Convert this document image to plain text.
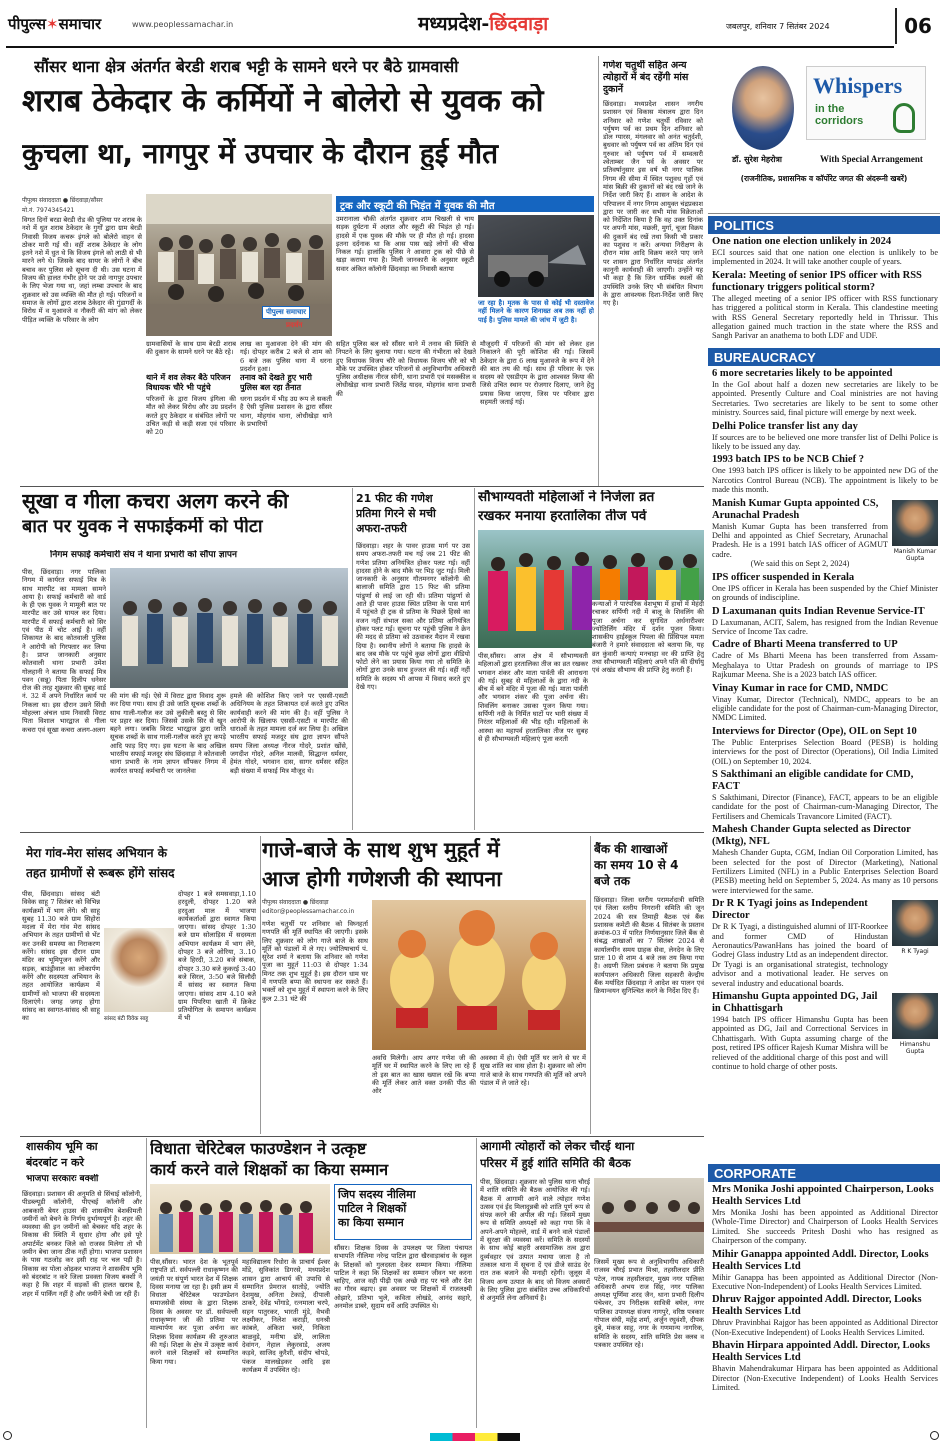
पीपुल्स✶समाचार	www.peoplessamachar.in	मध्यप्रदेश-छिंदवाड़ा	जबलपुर, शनिवार 7 सितंबर 2024	06
सौंसर थाना क्षेत्र अंतर्गत बेरडी शराब भट्टी के सामने धरने पर बैठे ग्रामवासी
शराब ठेकेदार के कर्मियों ने बोलेरो से युवक को
कुचला था, नागपुर में उपचार के दौरान हुई मौत
पीपुल्स संवाददाता ● छिंदवाड़ा/सौंसर
मो.नं. 7974345421
विगत दिनों बरडा बेरडी रोड की पुलिया पर शराब के नशे में धुत शराब ठेकेदार के गुर्गों द्वारा ग्राम बेरडी निवासी विजय कचरू इंगले को बोलेरो वाहन से ठोकर मारी गई थी। वहीं शराब ठेकेदार के लोग इतने नशे में धुत थे कि विजय इंगले को लाठी से भी मारने लगे थे। जिसके बाद सायर के लोगों ने बीच बचाव कर पुलिस को सूचना दी थी। उस घटना में विजय की हालत गंभीर होने पर उसे नागपुर उपचार के लिए भेजा गया था, जहां लम्बा उपचार के बाद शुक्रवार को उस व्यक्ति की मौत हो गई। परिजनों व समाज के लोगों द्वारा शराब ठेकेदार की गुंडागर्दी के विरोध में व मुआवजे व नौकरी की मांग को लेकर पीड़ित व्यक्ति के परिवार के लोग
पीपुल्स समाचार
प्रदर्शन
ग्रामवासियों के साथ ग्राम बेरडी शराब की दुकान के सामने धरने पर बैठे रहे।
थाने में शव लेकर बैठे परिजन विधायक चौरे भी पहुंचे
परिजनों के द्वारा विजय इंगिला की मौत को लेकर विरोध और उग्र प्रदर्शन करते हुए ठेकेदार व संबंधित लोगों पर उचित कड़ी से कड़ी सजा एवं परिवार को 20
लाख का मुआवजा देने की मांग की गई। दोपहर करीब 2 बजे से शाम को 6 बजे तक पुलिस थाना में धरना प्रदर्शन हुआ।
तनाव को देखते हुए भारी पुलिस बल रहा तैनात
धरना प्रदर्शन में भीड़ उग्र रूप ले सकती है ऐसी पुलिस प्रशासन के द्वारा सौंसर थाना, मोहगांव थाना, लोधीखेड़ा थाने के प्रभारियों
सहित पुलिस बल को सौंसर थाने में तनाव की स्थिति से निपटने के लिए बुलाया गया। घटना की गंभीरता को देखते हुए विधायक विजय चौरे को विधायक विजय चौरे को भी मौके पर उपस्थित होकर परिजनों से अनुविभागीय अधिकारी पुलिस अधीक्षक नीरज सोनी, थाना प्रभारी एवं मसक्कील व लोधीखेड़ा थाना प्रभारी जितेंद्र यादव, मोहगांव थाना प्रभारी की
ट्रक और स्कूटी की भिड़ंत में युवक की मौत
उमरानाला चौकी अंतर्गत शुक्रवार शाम चिखली से चाय सड़क दुर्घटना में अज्ञात और स्कूटी की भिड़ंत हो गई। हादसे में एक युवक की मौके पर ही मौत हो गई। हादसा इतना दर्दनाक था कि आस पास खड़े लोगों की चीख निकल गई। हालांकि पुलिस ने आवारा ट्रक को पीछे से खड़ा कराया गया है। मिली जानकारी के अनुसार स्कूटी सवार अंकित कॉलोनी छिंदवाड़ा का निवासी बताया
जा रहा है। मृतक के पास से कोई भी दस्तावेज नहीं मिलने के कारण शिनाख्त अब तक नहीं हो पाई है। पुलिस मामले की जांच में जुटी है।
मौजूदगी में परिजनों की मांग को लेकर हल निकालने की पूरी कोशिश की गई। जिसमें ठेकेदार के द्वारा 6 लाख मुआवजे के रूप में देने की बात तय की गई। साथ ही परिवार के एक सदस्य को एसडीएम के द्वारा आश्वस्त किया की जिसे उचित स्थान पर रोजगार दिलाए, जाने हेतु प्रयास किया जाएगा, जिस पर परिवार द्वारा सहमती जताई गई।
गणेश चतुर्थी सहित अन्य त्योहारों में बंद रहेंगी मांस दुकानें
छिंदवाड़ा। मध्यप्रदेश शासन नगरीय प्रशासन एवं विकास मंत्रालय द्वारा दिन शनिवार को गणेश चतुर्थी रविवार को पर्युषण पर्व का प्रथम दिन शनिवार को डोल ग्यारस, मंगलवार को अनंत चतुर्दशी, बुधवार को पर्युषण पर्व का अंतिम दिन एवं गुरुवार को पर्युषण पर्व में सम्वत्सरी श्वेताम्बर जैन पर्व के अवसर पर प्रतिवर्षानुसार इस वर्ष भी नगर पालिक निगम की सीमा में स्थित पशुवध गृहों एवं मांस बिक्री की दुकानों को बंद रखे जाने के निर्देश जारी किए हैं। शासन के आदेश के परिपालन में नगर निगम आयुक्त चंद्रप्रकाश द्वारा पर जारी कर सभी मांस विक्रेताओं को निर्देशित किया है कि वह उक्त दिनांक पर अपनी मांस, मछली, मुर्गा, चूजा विक्रय की दुकानें बंद रखें तथा किसी भी प्रकार का पशुवध न करें। अन्यथा निरीक्षण के दौरान मांस आदि विक्रय करते पाए जाने पर शासन द्वारा निर्धारित मापदंड अंतर्गत कानूनी कार्यवाही की जाएगी। उन्होंने यह भी कहा है कि जिन धार्मिक स्थलों की उपस्थिति उनके लिए भी संबंधित विभाग के द्वारा आवश्यक दिशा-निर्देश जारी किए गए है।
Whispers
in the corridors
डॉ. सुरेश मेहरोत्रा	With Special Arrangement
(राजनीतिक, प्रशासनिक व कॉर्पोरेट जगत की अंदरूनी खबरें)
POLITICS
One nation one election unlikely in 2024
ECI sources said that one nation one election is unlikely to be implemented in 2024. It will take another couple of years.
Kerala: Meeting of senior IPS officer with RSS functionary triggers political storm?
The alleged meeting of a senior IPS officer with RSS functionary has triggered a political storm in Kerala. This clandestine meeting with RSS General Secretary reportedly held in Thrissur. This allegation gained much traction in the state where the RSS and Sangh Parivar an anathema to both LDF and UDF.
BUREAUCRACY
6 more secretaries likely to be appointed
In the GoI about half a dozen new secretaries are likely to be appointed. Presently Culture and Coal ministries are not having Secretaries. Two secretaries are likely to be sent to some other ministry. Sources said, final picture will emerge by next week.
Delhi Police transfer list any day
If sources are to be believed one more transfer list of Delhi Police is likely to be issued any day.
1993 batch IPS to be NCB Chief ?
One 1993 batch IPS officer is likely to be appointed new DG of the Narcotics Control Bureau (NCB). The appointment is likely to be made this month.
Manish Kumar Gupta
Manish Kumar Gupta appointed CS, Arunachal Pradesh
Manish Kumar Gupta has been transferred from Delhi and appointed as Chief Secretary, Arunachal Pradesh. He is a 1991 batch IAS officer of AGMUT cadre.
(We said this on Sept 2, 2024)
IPS officer suspended in Kerala
One IPS officer in Kerala has been suspended by the Chief Minister on grounds of indiscipline.
D Laxumanan quits Indian Revenue Service-IT
D Laxumanan, ACIT, Salem, has resigned from the Indian Revenue Service of Income Tax cadre.
Cadre of Bharti Meena transferred to UP
Cadre of Ms Bharti Meena has been transferred from Assam-Meghalaya to Uttar Pradesh on grounds of marriage to IPS Rajkumar Meena. She is a 2023 batch IAS officer.
Vinay Kumar in race for CMD, NMDC
Vinay Kumar, Director (Technical), NMDC, appears to be an eligible candidate for the post of Chairman-cum-Managing Director, NMDC Limited.
Interviews for Director (Ope), OIL on Sept 10
The Public Enterprises Selection Board (PESB) is holding interviews for the post of Director (Operations), Oil India Limited (OIL) on September 10, 2024.
S Sakthimani an eligible candidate for CMD, FACT
S Sakthimani, Director (Finance), FACT, appears to be an eligible candidate for the post of Chairman-cum-Managing Director, The Fertilisers and Chemicals Travancore Limited (FACT).
Mahesh Chander Gupta selected as Director (Mktg), NFL
Mahesh Chander Gupta, CGM, Indian Oil Corporation Limited, has been selected for the post of Director (Marketing), National Fertilizers Limited (NFL) in a Public Enterprises Selection Board (PESB) meeting held on September 5, 2024. As many as 10 persons were interviewed for the same.
R K Tyagi
Dr R K Tyagi joins as Independent Director
Dr R K Tyagi, a distinguished alumni of IIT-Roorkee and former CMD of Hindustan Aeronautics/PawanHans has joined the board of Godrej Glass industry Ltd as an independent director. Dr Tyagi is an organisational strategist, technology advisor and a motivational leader. He serves on several industry and educational boards.
Himanshu Gupta
Himanshu Gupta appointed DG, Jail in Chhattisgarh
1994 batch IPS officer Himanshu Gupta has been appointed as DG, Jail and Correctional Services in Chhattisgarh. With Gupta assuming charge of the post, retired IPS officer Rajesh Kumar Mishra will be relieved of the additional charge of this post and will continue to hold charge of other posts.
CORPORATE
Mrs Monika Joshi appointed Chairperson, Looks Health Services Ltd
Mrs Monika Joshi has been appointed as Additional Director (Whole-Time Director) and Chairperson of Looks Health Services Limited. She succeeds Pritesh Doshi who has resigned as Chairperson of the company.
Mihir Ganappa appointed Addl. Director, Looks Health Services Ltd
Mihir Ganappa has been appointed as Additional Director (Non-Executive Non-Independent) of Looks Health Services Limited.
Dhruv Rajgor appointed Addl. Director, Looks Health Services Ltd
Dhruv Pravinbhai Rajgor has been appointed as Additional Director (Non-Executive Independent) of Looks Health Services Limited.
Bhavin Hirpara appointed Addl. Director, Looks Health Services Ltd
Bhavin Mahendrakumar Hirpara has been appointed as Additional Director (Non-Executive Independent) of Looks Health Services Limited.
सूखा व गीला कचरा अलग करने की
बात पर युवक ने सफाईकर्मी को पीटा
निगम सफाई कर्मचारी संघ ने थाना प्रभारी को सौंपा ज्ञापन
पीस, छिंदवाड़ा। नगर पालिका निगम में कार्यरत सफाई मित्र के साथ मारपीट का मामला सामने आया है। सफाई कर्मचारी को वार्ड के ही एक युवक ने मामूली बात पर मारपीट कर उसे घायल कर दिया। मारपीट में सफाई कर्मचारी को सिर एवं पीठ में चोट आई है। वहीं शिकायत के बाद कोतवाली पुलिस ने आरोपी को गिरफ्तार कर लिया है। प्राप्त जानकारी अनुसार कोतवाली थाना प्रभारी उमेश गोलहानी ने बताया कि सफाई मित्र पवन (सन्नू) पिता दिलीप धनेसर रोज की तरह शुक्रवार की सुबह वार्ड नं. 32 में अपने निर्धारित कार्य पर निकला था। इस दौरान उसने सिंधी मोहल्ला अंचल धाम निवासी विराट पिता विशाल भारद्वाज से गीला कचरा एवं सूखा कचरा अलग-अलग
की मांग की गई। ऐसे में विराट द्वारा विवाद शुरू कर दिया गया। साथ ही उसे जाति सूचक शब्दों के साथ गाली-गलौज कर उसे लुकीली बस्तु से सिर पर प्रहार कर दिया। जिससे उसके सिर से खून बहने लगा। जबकि विराट भारद्वाज द्वारा जाति सूचक शब्दों के साथ गाली-गलौज करते हुए कपड़े आदि फाड़ दिए गए। इस घटना के बाद अखिल भारतीय सफाई मजदूर संघ छिंदवाड़ा ने कोतवाली थाना प्रभारी के नाम ज्ञापन सौंपकर निगम में कार्यरत सफाई कर्मचारी पर जानलेवा
हमले की कोशिश किए जाने पर एससी-एसटी अधिनियम के तहत शिकायत दर्ज करते हुए उचित कार्यवाही करने की मांग की है। वहीं पुलिस ने आरोपी के खिलाफ एससी-एसटी व मारपीट की धाराओं के तहत मामला दर्ज कर लिया है। अखिल भारतीय सफाई मजदूर संघ द्वारा ज्ञापन सौंपते समय जिला अध्यक्ष नीरज गोदरे, प्रशांत खोंसे, जगदीश गोदरे, अनिल मालवी, सिद्धान्त धर्मसर, हेमंत गोदरे, भगवान दास, सागर धर्मसर सहित बड़ी संख्या में सफाई मित्र मौजूद थे।
21 फीट की गणेश
प्रतिमा गिरने से मची
अफरा-तफरी
छिंदवाड़ा। शहर के पावर हाउस मार्ग पर उस समय अफरा-तफरी मच गई जब 21 फीट की गणेश प्रतिमा अनियंत्रित होकर पलट गई। वहीं हादसा होने के बाद मौके पर भिड़ जुट गई। मिली जानकारी के अनुसार गौतमनगर कॉलोनी की बालाजी समिति द्वारा 15 फिट की प्रतिमा पांढुर्णा से लाई जा रही थी। प्रतिमा पांढुर्णा से आते ही पावर हाउस स्थित प्रतिमा के पास मार्ग में पहुंचते ही ट्रक से प्रतिमा के पिछले हिस्से का वजन नहीं संभाल सका और प्रतिमा अनियंत्रित होकर पलट गई। सूचना पर पहुंची पुलिस ने क्रेन की मदद से प्रतिमा को उठवाकर मैदान में रखवा दिया है। स्थानीय लोगों ने बताया कि हादसे के बाद जब मौके पर पहुंचे कुछ लोगों द्वारा वीडियो फोटो लेने का प्रयास किया गया तो समिति के लोगों द्वारा उनके साथ हुज्जत की गई। वहीं नहीं समिति के सदस्य भी आपस में विवाद करते हुए देखे गए।
सौभाग्यवती महिलाओं ने निर्जला व्रत
रखकर मनाया हरतालिका तीज पर्व
पीस,सौंसर। आज क्षेत्र में सौभाग्यवती महिलाओं द्वारा हरतालिका तीज का व्रत रखकर भगवान शंकर और माता पार्वती की आराधना की गई। सुबह से महिलाओं के द्वारा नदी के बीच में बने मंदिर में पूजा की गई। माता पार्वती और भगवान शंकर की पूजा अर्चना की। शिवलिंग बनाकर उसका पूजन किया गया। सर्पिणी नदी के निर्मित घाटों पर भारी संख्या में निरंतर महिलाओं की भीड़ रही। महिलाओं के आस्था का महापर्व हरतालिका तीज पर सुबह से ही सौभाग्यवती महिलाएं पूजा करती
कन्याओं ने पारंपरिक वेशभूषा में हाथों में मेहंदी रचाकर सर्पिणी नदी में बालू के शिवलिंग की पूजा अर्चना कर सुगंधित अर्धनारीश्वर ज्योतिर्लिंग मंदिर में दर्शन पूजन किया। शासकीय हाईस्कूल पिपला की प्रिंसिपल ममता बंजारी ने हमारे संवाददाता को बताया कि, यह व्रत कुंवारी कन्याएं मनचाहा वर की प्राप्ति हेतु तथा सौभाग्यवती महिलाएं अपने पति की दीर्घायु एवं अखंड सौभाग्य की प्राप्ति हेतु करती हैं।
मेरा गांव-मेरा सांसद अभियान के
तहत ग्रामीणों से रूबरू होंगे सांसद
पीस, छिंदवाड़ा। सांसद बंटी विवेक साहू 7 सितंबर को विभिन्न कार्यक्रमों में भाग लेंगे। श्री साहू सुबह 11.30 बजे ग्राम सिहोरा मदला में मेरा गांव मेरा सांसद अभियान के तहत ग्रामीणों से भेंट कर उनकी समस्या का निराकरण करेंगे। सांसद इस दौरान ग्राम मंदिर का भूमिपूजन करेंगे और सड़क, बाउंड्रीवाल का लोकार्पण करेंगे और सदस्यता अभियान के तहत आयोजित कार्यक्रम में ग्रामीणों को भाजपा की सदस्यता दिलाएंगे। जगह जगह होगा सांसद का स्वागत-सांसद श्री साहू का	सांसद बंटी विवेक साहू
दोपहर 1 बजे समसवाड़ा,1.10 हरदुली, दोपहर 1.20 बजे हरदुआ माल में भाजपा कार्यकर्ताओं द्वारा स्वागत किया जाएगा। सांसद दोपहर 1:30 बजे ग्राम सोलाड़िस में सदस्यता अभियान कार्यक्रम में भाग लेंगे, दोपहर 3 बजे ओरिया, 3..10 बजे हिरदी, 3.20 बजे संबाक, दोपहर 3.30 बजे कुकरई 3:40 बजे सिरल, 3:50 बजे सिलौदी में सांसद का स्वागत किया जाएगा। सांसद शाम 4.10 बजे ग्राम पिपरिया खाती में क्रिकेट प्रतियोगिता के समापन कार्यक्रम में भी
गाजे-बाजे के साथ शुभ मुहूर्त में
आज होगी गणेशजी की स्थापना
पीपुल्स संवाददाता ● छिंदवाड़ा
editor@peoplessamachar.co.in
गणेश चतुर्थी पर शनिवार को विघ्नहर्ता गणपति की मूर्ति स्थापित की जाएगी। इसके लिए शुक्रवार को लोग गाजे बाजे के साथ मूर्ति को पंडालों में ले गए। ज्योतिषाचार्य पं. सुरेश शर्मा ने बताया कि शनिवार को गणेश पूजा का मुहूर्त 11:03 से दोपहर 1:34 मिनट तक शुभ मुहूर्त है। इस दौरान धाम घर में गणपति बप्पा की स्थापना कर सकते हैं। भक्तों को शुभ मुहूर्त में स्थापना करने के लिए कुल 2.31 घंटे की
अवधि मिलेगी। आप अगर गणेश जी की मूर्ति घर में स्थापित करने के लिए ला रहे हैं तो इस बात का खास ख्याल रखें कि बप्पा की मूर्ति लेकर आते वक्त उनकी पीठ की ओर
अवस्था में हो। ऐसी मूर्ति घर लाने से घर में सुख शांति का वास होता है। शुक्रवार को लोग गाजे बाजे के साथ गणपति की मूर्ति को अपने पंडाल में ले जाते रहे।
बैंक की शाखाओं
का समय 10 से 4
बजे तक
छिंदवाड़ा। जिला स्तरीय परामर्शदात्री समिति एवं जिला स्तरीय निगरानी समिति की जून 2024 की सत्र तिमाही बैठक एवं बैंक प्रशासक कमेटी की बैठक 4 सितंबर के प्रस्ताव क्रमांक-03 में पारित निर्णयानुसार जिले बैंक से संबद्ध शाखाओं का 7 सितंबर 2024 से कार्यालयीन समय ग्राहक सेवा, लेनदेन के लिए प्रातः 10 से शाम 4 बजे तक तय किया गया है। अग्रणी जिला प्रबंधक ने बताया कि प्रमुख कार्यपालन अधिकारी जिला सहकारी केन्द्रीय बैंक मर्यादित छिंदवाड़ा ने आदेश का पालन एवं क्रियान्वयन सुनिश्चित करने के निर्देश दिए हैं।
शासकीय भूमि का
बंदरबांट न करे
भाजपा सरकारः बक्शी
छिंदवाड़ा। प्रशासन की अनुमति से सिंचाई कॉलोनी, पीडब्ल्यूडी कॉलोनी, पीएचई कॉलोनी और आबकारी बेयर हाउस की शासकीय बेशकीमती जमीनों को बेचने के निर्णय दुर्भाग्यपूर्ण है। शहर की व्यवस्था की इन जमीनों को बेचकर यदि शहर के विकास की स्थिति में सुधार होगा और इसे पूरे अपार्टमेंट बनकर जिले को राजस्व मिलेगा तो भी जमीन बेचा जाना ठीक नहीं होगा। भाजपा प्रशासन के पास गठजोड़ कर इसी राह पर चल पड़ी है। विकास का पोला ओढ़कर भाजपा ने शासकीय भूमि को बंदरबांट न करे जिला प्रवक्ता विजय बक्शी ने कहा है कि शहर में सड़कों की हालत खराब है, शहर में पार्किंग नहीं है और जमीनें बेची जा रही हैं।
विधाता चेरिटेबल फाउण्डेशन ने उत्कृष्ट
कार्य करने वाले शिक्षकों का किया सम्मान
पीस,सौंसर। भारत देश के भूतपूर्व राष्ट्रपति डॉ. सर्वपल्ली राधाकृष्णन की जयंती पर संपूर्ण भारत देश में शिक्षक दिवस मनाया जा रहा है। इसी क्रम में विधाता चेरिटेबल फाउण्डेशन समाजसेवी संस्था के द्वारा शिक्षक दिवस के अवसर पर डॉ. सर्वपल्ली राधाकृष्णन जी की प्रतिमा पर माल्यार्पण कर पूजा अर्चना कर शिक्षक दिवस कार्यक्रम की शुरुआत की गई। शिक्षा के क्षेत्र में उत्कृष्ट कार्य करने वाले शिक्षकों को सम्मानित किया गया।
महाविद्यालय रिधोरा के प्राचार्य ईश्वर मोंडे, सुविकांत डिगरसे, मध्यप्रदेश शासन द्वारा आचार्य की उपाधि से सम्मानित प्रेमराज सातोड़े, ज्योति देशमुख, अनिता टेकाड़े, दीपाली ठाकरे, देवेंद्र भोंगाडे, रत्नमाला चरपे, सहन पातुरकर, भारती मुंडे, वैभवी लक्ष्मीकर, निलेश कराड़ी, धनश्री कांबले, अंकिता चवरे, निकिता बाळवुडे, मनीषा ढोरे, लालिता देवांगन, नेहाल लेकुरवाडे, अजय कड़वे, साजिद कुरैशी, संदीप चोपडे, पंकज मालखेड़कर आदि इस कार्यक्रम में उपस्थित रहे।
जिप सदस्य नीलिमा
पाटिल ने शिक्षकों
का किया सम्मान
सौंसर। शिक्षक दिवस के उपलक्ष्य पर जिला पंचायत सभापति नीलिमा नरेन्द्र पाटिल द्वारा खैरवाड़ाबांध के स्कूल के शिक्षकों को गुलदस्ता देकर सम्मान किया। नीलिमा पाटिल ने कहा कि शिक्षकों का सम्मान जीवन भर करना चाहिए, आज वही पीढ़ी एक अच्छे राह पर चले और देश का गौरव बढ़ाए। इस अवसर पर शिक्षकों में राजलक्ष्मी ओझारे, प्रतिभा भुले, कविता लोखंडे, आनंद सहारे, अनमोल डाबरे, सुदाम धर्वे आदि उपस्थित थे।
आगामी त्योहारों को लेकर चौरई थाना
परिसर में हुई शांति समिति की बैठक
पीस, छिंदवाड़ा। शुक्रवार को पुलिस थाना चौरई में शांति समिति की बैठक आयोजित की गई। बैठक में आगामी आने वाले त्योहार गणेश उत्सव एवं ईद मिलादुन्नबी को शांति पूर्ण रूप से संपन्न करने की अपील की गई। जिसमें मुख्य रूप से समिति अध्यक्षों को कहा गया कि वे अपने-अपने मोहल्ले, वार्ड में बनने वाले पंडालों में सुरक्षा की व्यवस्था करें। समिति के सदस्यों के साथ कोई बाहरी असामाजिक तत्व द्वारा दुर्व्यवहार एवं उत्पात मचाया जाता है तो तत्काल थाना में सूचना दें एवं डीजे साउंड देर रात तक बजाने की मनाही रहेगी। जुलूस में विजय अन्य उत्पात के बाद जो विजय अवसरों के लिए पुलिस द्वारा संबंधित उच्च अधिकारियों से अनुमति लेना अनिवार्य है।
जिसमें मुख्य रूप से अनुविभागीय अधिकारी राजस्व चौरई प्रभात मिश्रा, तहसीलदार प्रीति पटेल, नायब तहसीलदार, मुख्य नगर पालिका अधिकारी अभय राज सिंह, नगर पालिका अध्यक्ष पूर्णिमा शरद जैन, थाना प्रभारी दिलीप पंचेश्वर, उप निरीक्षक सावित्री बघेल, नगर पालिका उपाध्यक्ष संजय नागपुरे, वरिष्ठ पत्रकार गोपाल संघी, महेंद्र शर्मा, अर्जुन रघुवंशी, दीपक दुबे, मंकज साहू, नगर के गणमान्य नागरिक, समिति के सदस्य, शांति समिति प्रेस क्लब व पत्रकार उपस्थित रहे।
